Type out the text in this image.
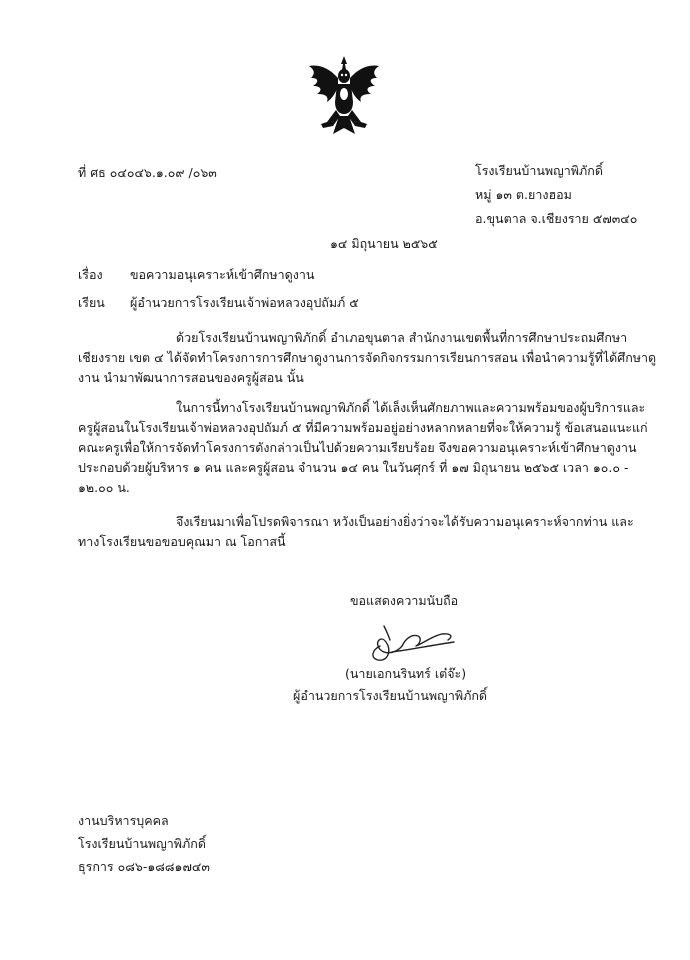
ที่ ศธ ๐๔๐๔๖.๑.๐๙ /๐๖๓	โรงเรียนบ้านพญาพิภักดิ์
หมู่ ๑๓ ต.ยางฮอม
อ.ขุนตาล จ.เชียงราย ๕๗๓๔๐
๑๔ มิถุนายน ๒๕๖๕
เรื่อง ขอความอนุเคราะห์เข้าศึกษาดูงาน
เรียน ผู้อำนวยการโรงเรียนเจ้าพ่อหลวงอุปถัมภ์ ๕
ด้วยโรงเรียนบ้านพญาพิภักดิ์ อำเภอขุนตาล สำนักงานเขตพื้นที่การศึกษาประถมศึกษา
เชียงราย เขต ๔ ได้จัดทำโครงการการศึกษาดูงานการจัดกิจกรรมการเรียนการสอน เพื่อนำความรู้ที่ได้ศึกษาดู
งาน นำมาพัฒนาการสอนของครูผู้สอน นั้น
ในการนี้ทางโรงเรียนบ้านพญาพิภักดิ์ ได้เล็งเห็นศักยภาพและความพร้อมของผู้บริการและ
ครูผู้สอนในโรงเรียนเจ้าพ่อหลวงอุปถัมภ์ ๕ ที่มีความพร้อมอยู่อย่างหลากหลายที่จะให้ความรู้ ข้อเสนอแนะแก่
คณะครูเพื่อให้การจัดทำโครงการดังกล่าวเป็นไปด้วยความเรียบร้อย จึงขอความอนุเคราะห์เข้าศึกษาดูงาน
ประกอบด้วยผู้บริหาร ๑ คน และครูผู้สอน จำนวน ๑๔ คน ในวันศุกร์ ที่ ๑๗ มิถุนายน ๒๕๖๕ เวลา ๑๐.๐ -
๑๒.๐๐ น.
จึงเรียนมาเพื่อโปรดพิจารณา หวังเป็นอย่างยิ่งว่าจะได้รับความอนุเคราะห์จากท่าน และ
ทางโรงเรียนขอขอบคุณมา ณ โอกาสนี้
ขอแสดงความนับถือ
(นายเอกนรินทร์ เต๋จ๊ะ)
ผู้อำนวยการโรงเรียนบ้านพญาพิภักดิ์
งานบริหารบุคคล
โรงเรียนบ้านพญาพิภักดิ์
ธุรการ ๐๘๖-๑๘๘๑๗๔๓
